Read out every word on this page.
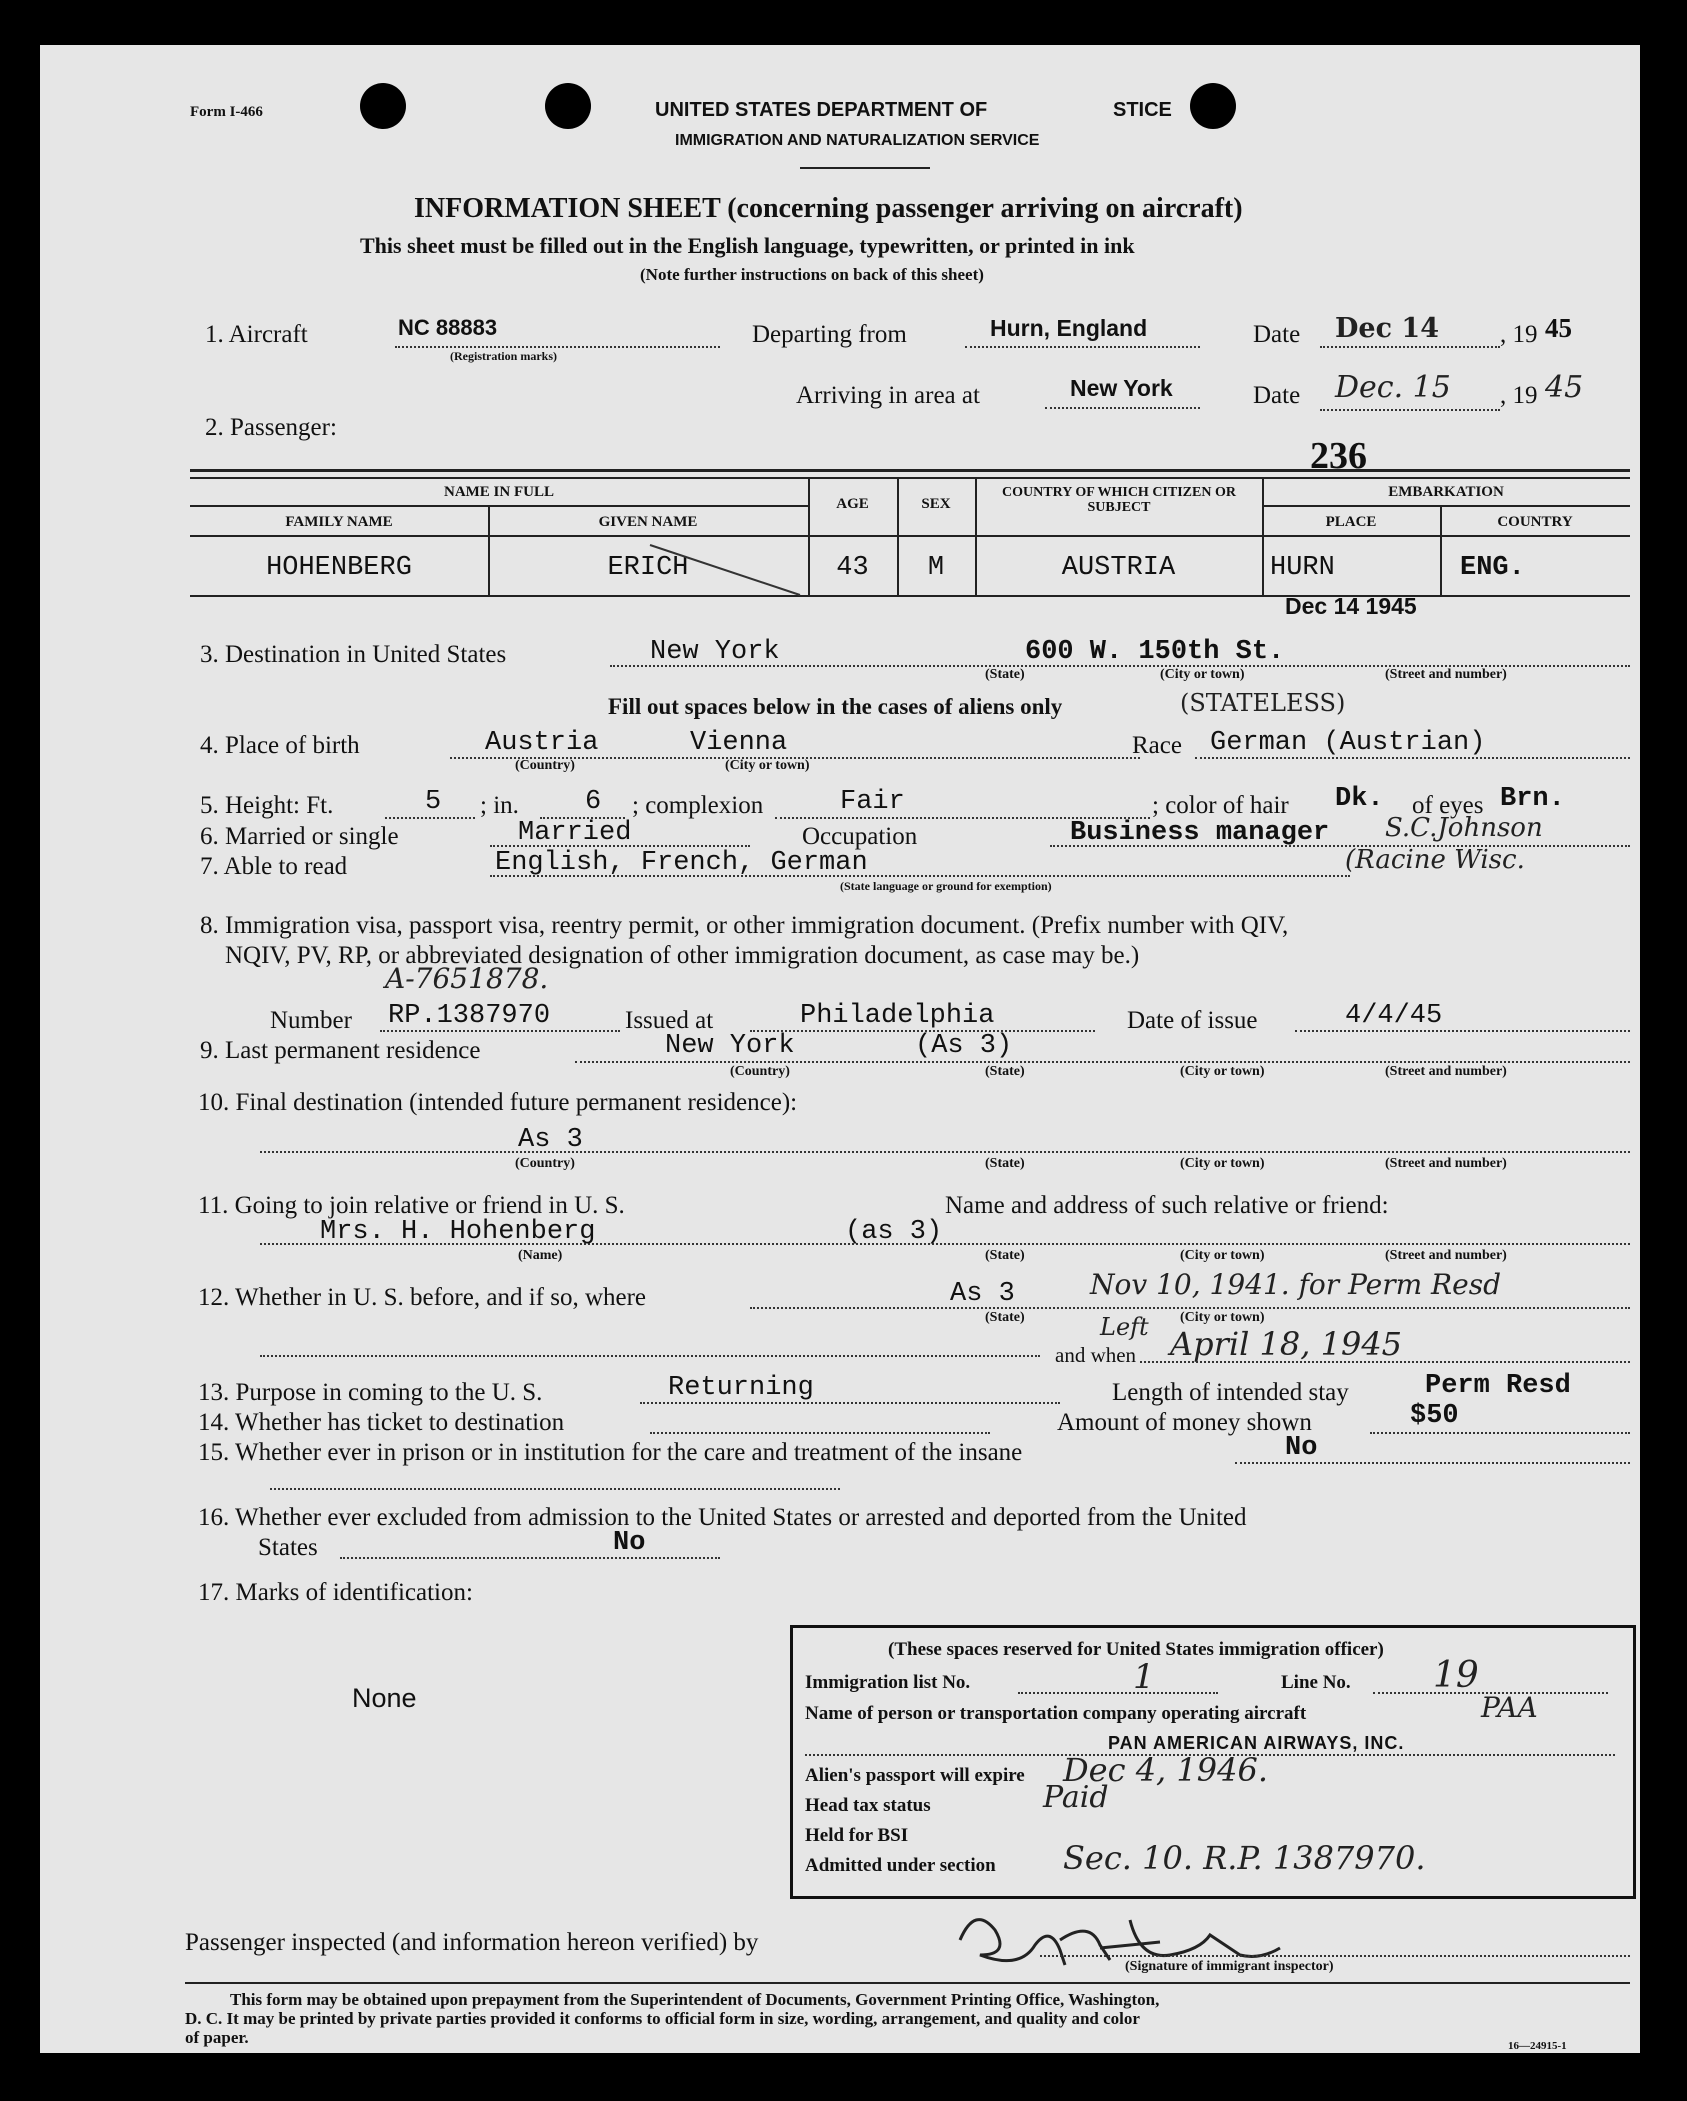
Form I-466	UNITED STATES DEPARTMENT OF	STICE
IMMIGRATION AND NATURALIZATION SERVICE
INFORMATION SHEET (concerning passenger arriving on aircraft)
This sheet must be filled out in the English language, typewritten, or printed in ink
(Note further instructions on back of this sheet)
1. Aircraft	NC 88883
(Registration marks)
Departing from	Hurn, England	Date Dec 14 , 19 45
Arriving in area at	New York	Date Dec. 15 , 19 45
2. Passenger:
236
NAME IN FULL
FAMILY NAME	GIVEN NAME
AGE	SEX
COUNTRY OF WHICH CITIZEN OR SUBJECT
EMBARKATION
PLACE	COUNTRY
HOHENBERG	ERICH	43	M	AUSTRIA	HURN	ENG.
Dec 14 1945
3. Destination in United States	New York	600 W. 150th St.
(State)	(City or town)	(Street and number)
Fill out spaces below in the cases of aliens only	(STATELESS)
4. Place of birth	Austria	Vienna
(Country)	(City or town)
Race German (Austrian)
5. Height: Ft.	5 ; in. 6 ; complexion	Fair	; color of hair Dk. of eyes Brn.
6. Married or single	Married	Occupation	Business manager S.C.Johnson
7. Able to read	English, French, German
(State language or ground for exemption)
(Racine Wisc.
8. Immigration visa, passport visa, reentry permit, or other immigration document. (Prefix number with QIV,
NQIV, PV, RP, or abbreviated designation of other immigration document, as case may be.)
A-7651878.
Number RP.1387970	Issued at	Philadelphia	Date of issue	4/4/45
9. Last permanent residence	New York	(As 3)
(Country)	(State)	(City or town)	(Street and number)
10. Final destination (intended future permanent residence):
As 3
(Country)	(State)	(City or town)	(Street and number)
11. Going to join relative or friend in U. S.	Name and address of such relative or friend:
Mrs. H. Hohenberg	(as 3)
(Name)	(State)	(City or town)	(Street and number)
12. Whether in U. S. before, and if so, where	As 3	Nov 10, 1941. for Perm Resd
(State)	(City or town)
Left
and when April 18, 1945
13. Purpose in coming to the U. S.	Returning	Length of intended stay	Perm Resd
14. Whether has ticket to destination	Amount of money shown	$50
15. Whether ever in prison or in institution for the care and treatment of the insane	No
16. Whether ever excluded from admission to the United States or arrested and deported from the United
States	No
17. Marks of identification:
None
(These spaces reserved for United States immigration officer)
Immigration list No.	1	Line No. 19
Name of person or transportation company operating aircraft	PAA
PAN AMERICAN AIRWAYS, INC.
Alien's passport will expire Dec 4, 1946.
Head tax status	Paid
Held for BSI
Admitted under section Sec. 10. R.P. 1387970.
Passenger inspected (and information hereon verified) by
(Signature of immigrant inspector)
This form may be obtained upon prepayment from the Superintendent of Documents, Government Printing Office, Washington,
D. C. It may be printed by private parties provided it conforms to official form in size, wording, arrangement, and quality and color
of paper.	16—24915-1
